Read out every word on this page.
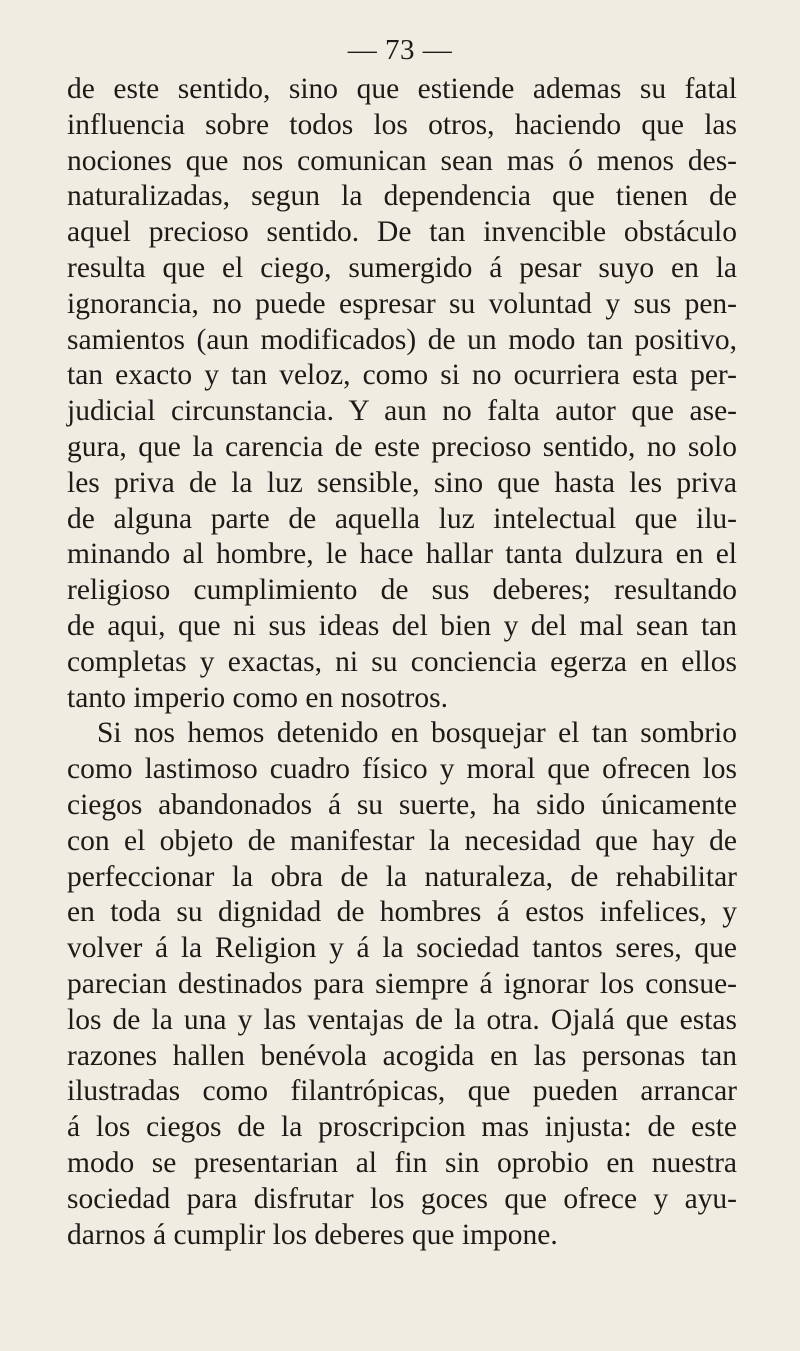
— 73 —
de este sentido, sino que estiende ademas su fatal
influencia sobre todos los otros, haciendo que las
nociones que nos comunican sean mas ó menos des-
naturalizadas, segun la dependencia que tienen de
aquel precioso sentido. De tan invencible obstáculo
resulta que el ciego, sumergido á pesar suyo en la
ignorancia, no puede espresar su voluntad y sus pen-
samientos (aun modificados) de un modo tan positivo,
tan exacto y tan veloz, como si no ocurriera esta per-
judicial circunstancia. Y aun no falta autor que ase-
gura, que la carencia de este precioso sentido, no solo
les priva de la luz sensible, sino que hasta les priva
de alguna parte de aquella luz intelectual que ilu-
minando al hombre, le hace hallar tanta dulzura en el
religioso cumplimiento de sus deberes; resultando
de aqui, que ni sus ideas del bien y del mal sean tan
completas y exactas, ni su conciencia egerza en ellos
tanto imperio como en nosotros.
Si nos hemos detenido en bosquejar el tan sombrio
como lastimoso cuadro físico y moral que ofrecen los
ciegos abandonados á su suerte, ha sido únicamente
con el objeto de manifestar la necesidad que hay de
perfeccionar la obra de la naturaleza, de rehabilitar
en toda su dignidad de hombres á estos infelices, y
volver á la Religion y á la sociedad tantos seres, que
parecian destinados para siempre á ignorar los consue-
los de la una y las ventajas de la otra. Ojalá que estas
razones hallen benévola acogida en las personas tan
ilustradas como filantrópicas, que pueden arrancar
á los ciegos de la proscripcion mas injusta: de este
modo se presentarian al fin sin oprobio en nuestra
sociedad para disfrutar los goces que ofrece y ayu-
darnos á cumplir los deberes que impone.
